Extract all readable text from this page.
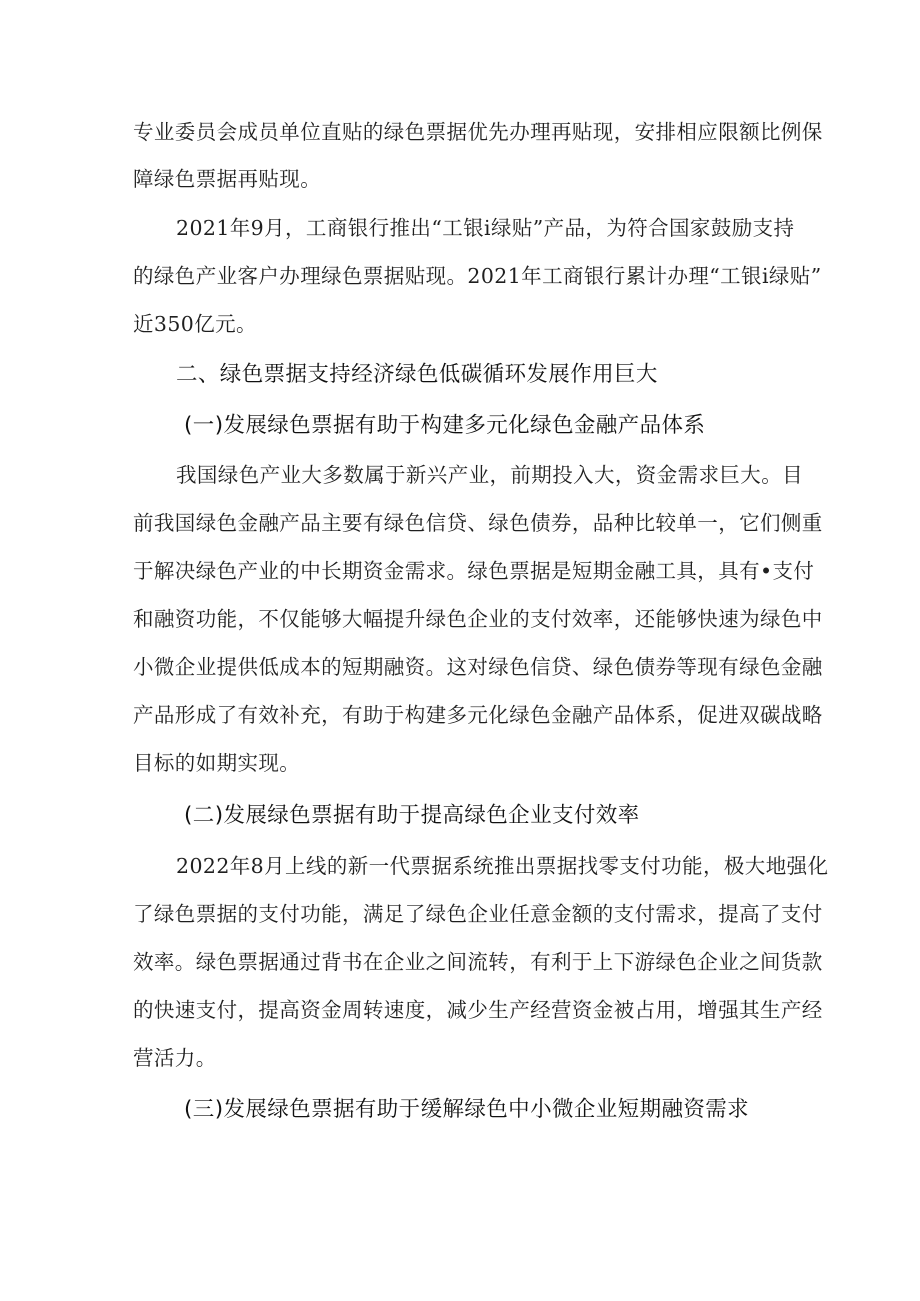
专业委员会成员单位直贴的绿色票据优先办理再贴现，安排相应限额比例保

障绿色票据再贴现。

2021年9月，工商银行推出“工银i绿贴”产品，为符合国家鼓励支持

的绿色产业客户办理绿色票据贴现。2021年工商银行累计办理“工银i绿贴”

近350亿元。

二、绿色票据支持经济绿色低碳循环发展作用巨大
(一)发展绿色票据有助于构建多元化绿色金融产品体系

我国绿色产业大多数属于新兴产业，前期投入大，资金需求巨大。目

前我国绿色金融产品主要有绿色信贷、绿色债券，品种比较单一，它们侧重

于解决绿色产业的中长期资金需求。绿色票据是短期金融工具，具有•支付

和融资功能，不仅能够大幅提升绿色企业的支付效率，还能够快速为绿色中

小微企业提供低成本的短期融资。这对绿色信贷、绿色债券等现有绿色金融

产品形成了有效补充，有助于构建多元化绿色金融产品体系，促进双碳战略

目标的如期实现。

(二)发展绿色票据有助于提高绿色企业支付效率

2022年8月上线的新一代票据系统推出票据找零支付功能，极大地强化

了绿色票据的支付功能，满足了绿色企业任意金额的支付需求，提高了支付

效率。绿色票据通过背书在企业之间流转，有利于上下游绿色企业之间货款

的快速支付，提高资金周转速度，减少生产经营资金被占用，增强其生产经

营活力。

(三)发展绿色票据有助于缓解绿色中小微企业短期融资需求
